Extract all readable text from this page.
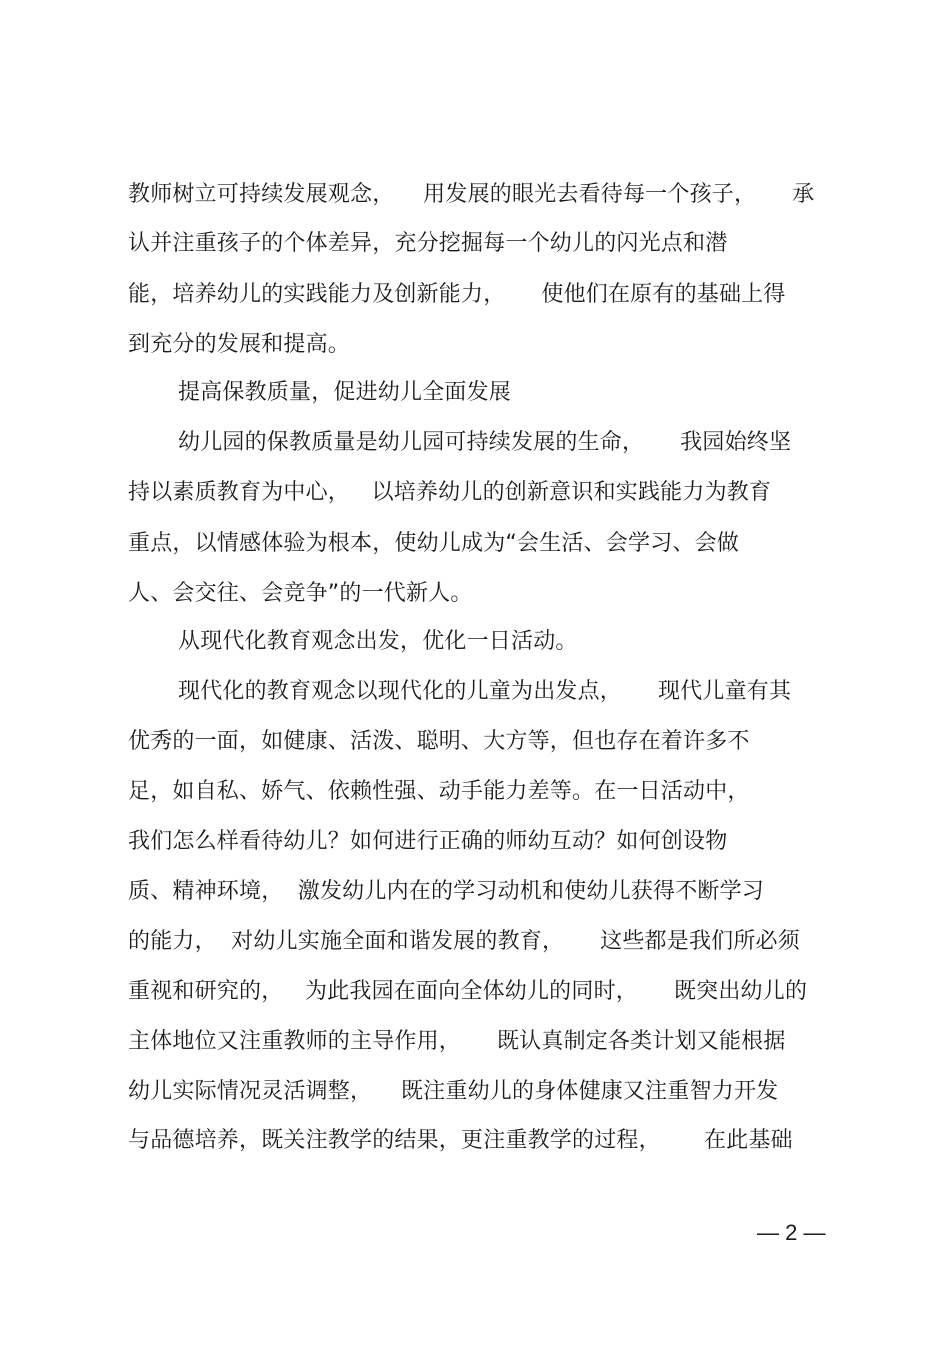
教师树立可持续发展观念，    用发展的眼光去看待每一个孩子，     承
认并注重孩子的个体差异，充分挖掘每一个幼儿的闪光点和潜
能，培养幼儿的实践能力及创新能力，     使他们在原有的基础上得
到充分的发展和提高。
提高保教质量，促进幼儿全面发展
幼儿园的保教质量是幼儿园可持续发展的生命，     我园始终坚
持以素质教育为中心，   以培养幼儿的创新意识和实践能力为教育
重点，以情感体验为根本，使幼儿成为“会生活、会学习、会做
人、会交往、会竞争”的一代新人。
从现代化教育观念出发，优化一日活动。
现代化的教育观念以现代化的儿童为出发点，     现代儿童有其
优秀的一面，如健康、活泼、聪明、大方等，但也存在着许多不
足，如自私、娇气、依赖性强、动手能力差等。在一日活动中，
我们怎么样看待幼儿？如何进行正确的师幼互动？如何创设物
质、精神环境，  激发幼儿内在的学习动机和使幼儿获得不断学习
的能力，  对幼儿实施全面和谐发展的教育，     这些都是我们所必须
重视和研究的，   为此我园在面向全体幼儿的同时，     既突出幼儿的
主体地位又注重教师的主导作用，     既认真制定各类计划又能根据
幼儿实际情况灵活调整，    既注重幼儿的身体健康又注重智力开发
与品德培养，既关注教学的结果，更注重教学的过程，      在此基础
— 2 —
